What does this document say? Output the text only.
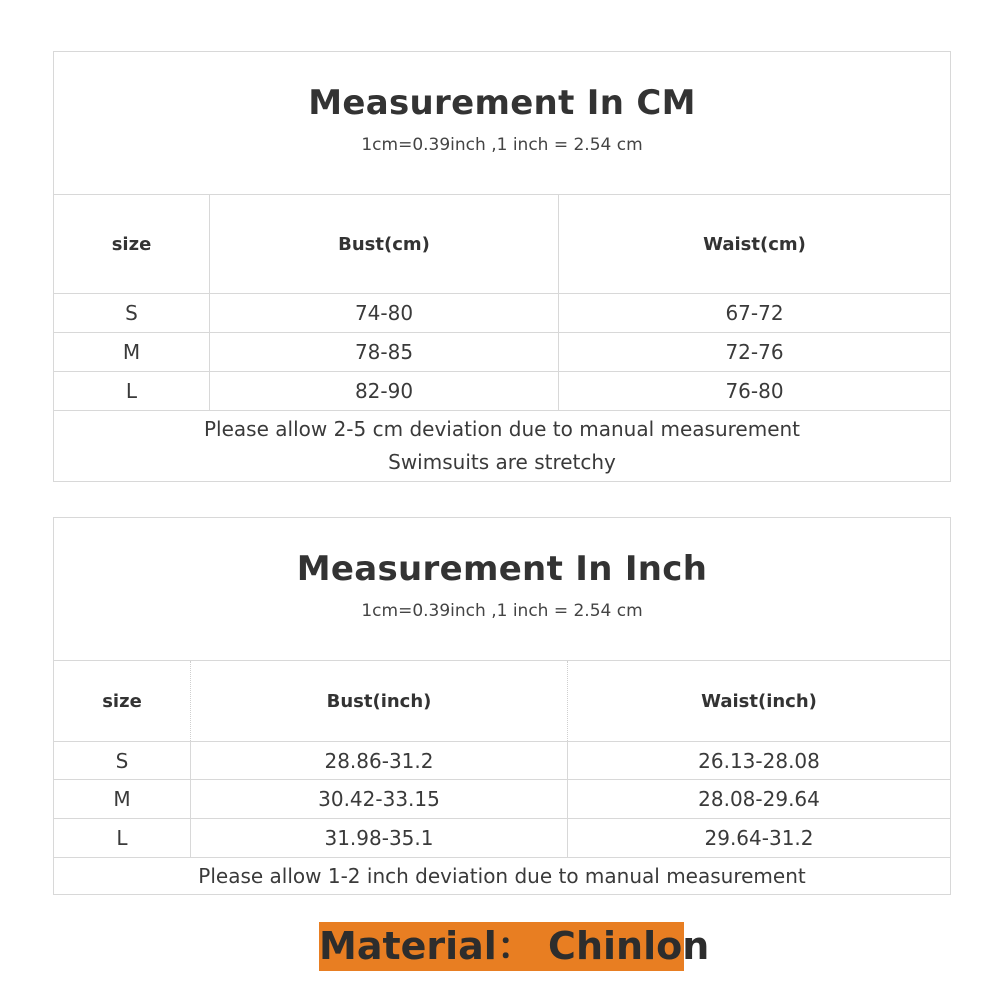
Measurement In CM
1cm=0.39inch ,1 inch = 2.54 cm		

size	Bust(cm)	Waist(cm)
S	74-80	67-72
M	78-85	72-76
L	82-90	76-80

Please allow 2-5 cm deviation due to manual measurement
Swimsuits are stretchy		
Measurement In Inch
1cm=0.39inch ,1 inch = 2.54 cm		

size	Bust(inch)	Waist(inch)
S	28.86-31.2	26.13-28.08
M	30.42-33.15	28.08-29.64
L	31.98-35.1	29.64-31.2

Please allow 1-2 inch deviation due to manual measurement		
Material： Chinlon
